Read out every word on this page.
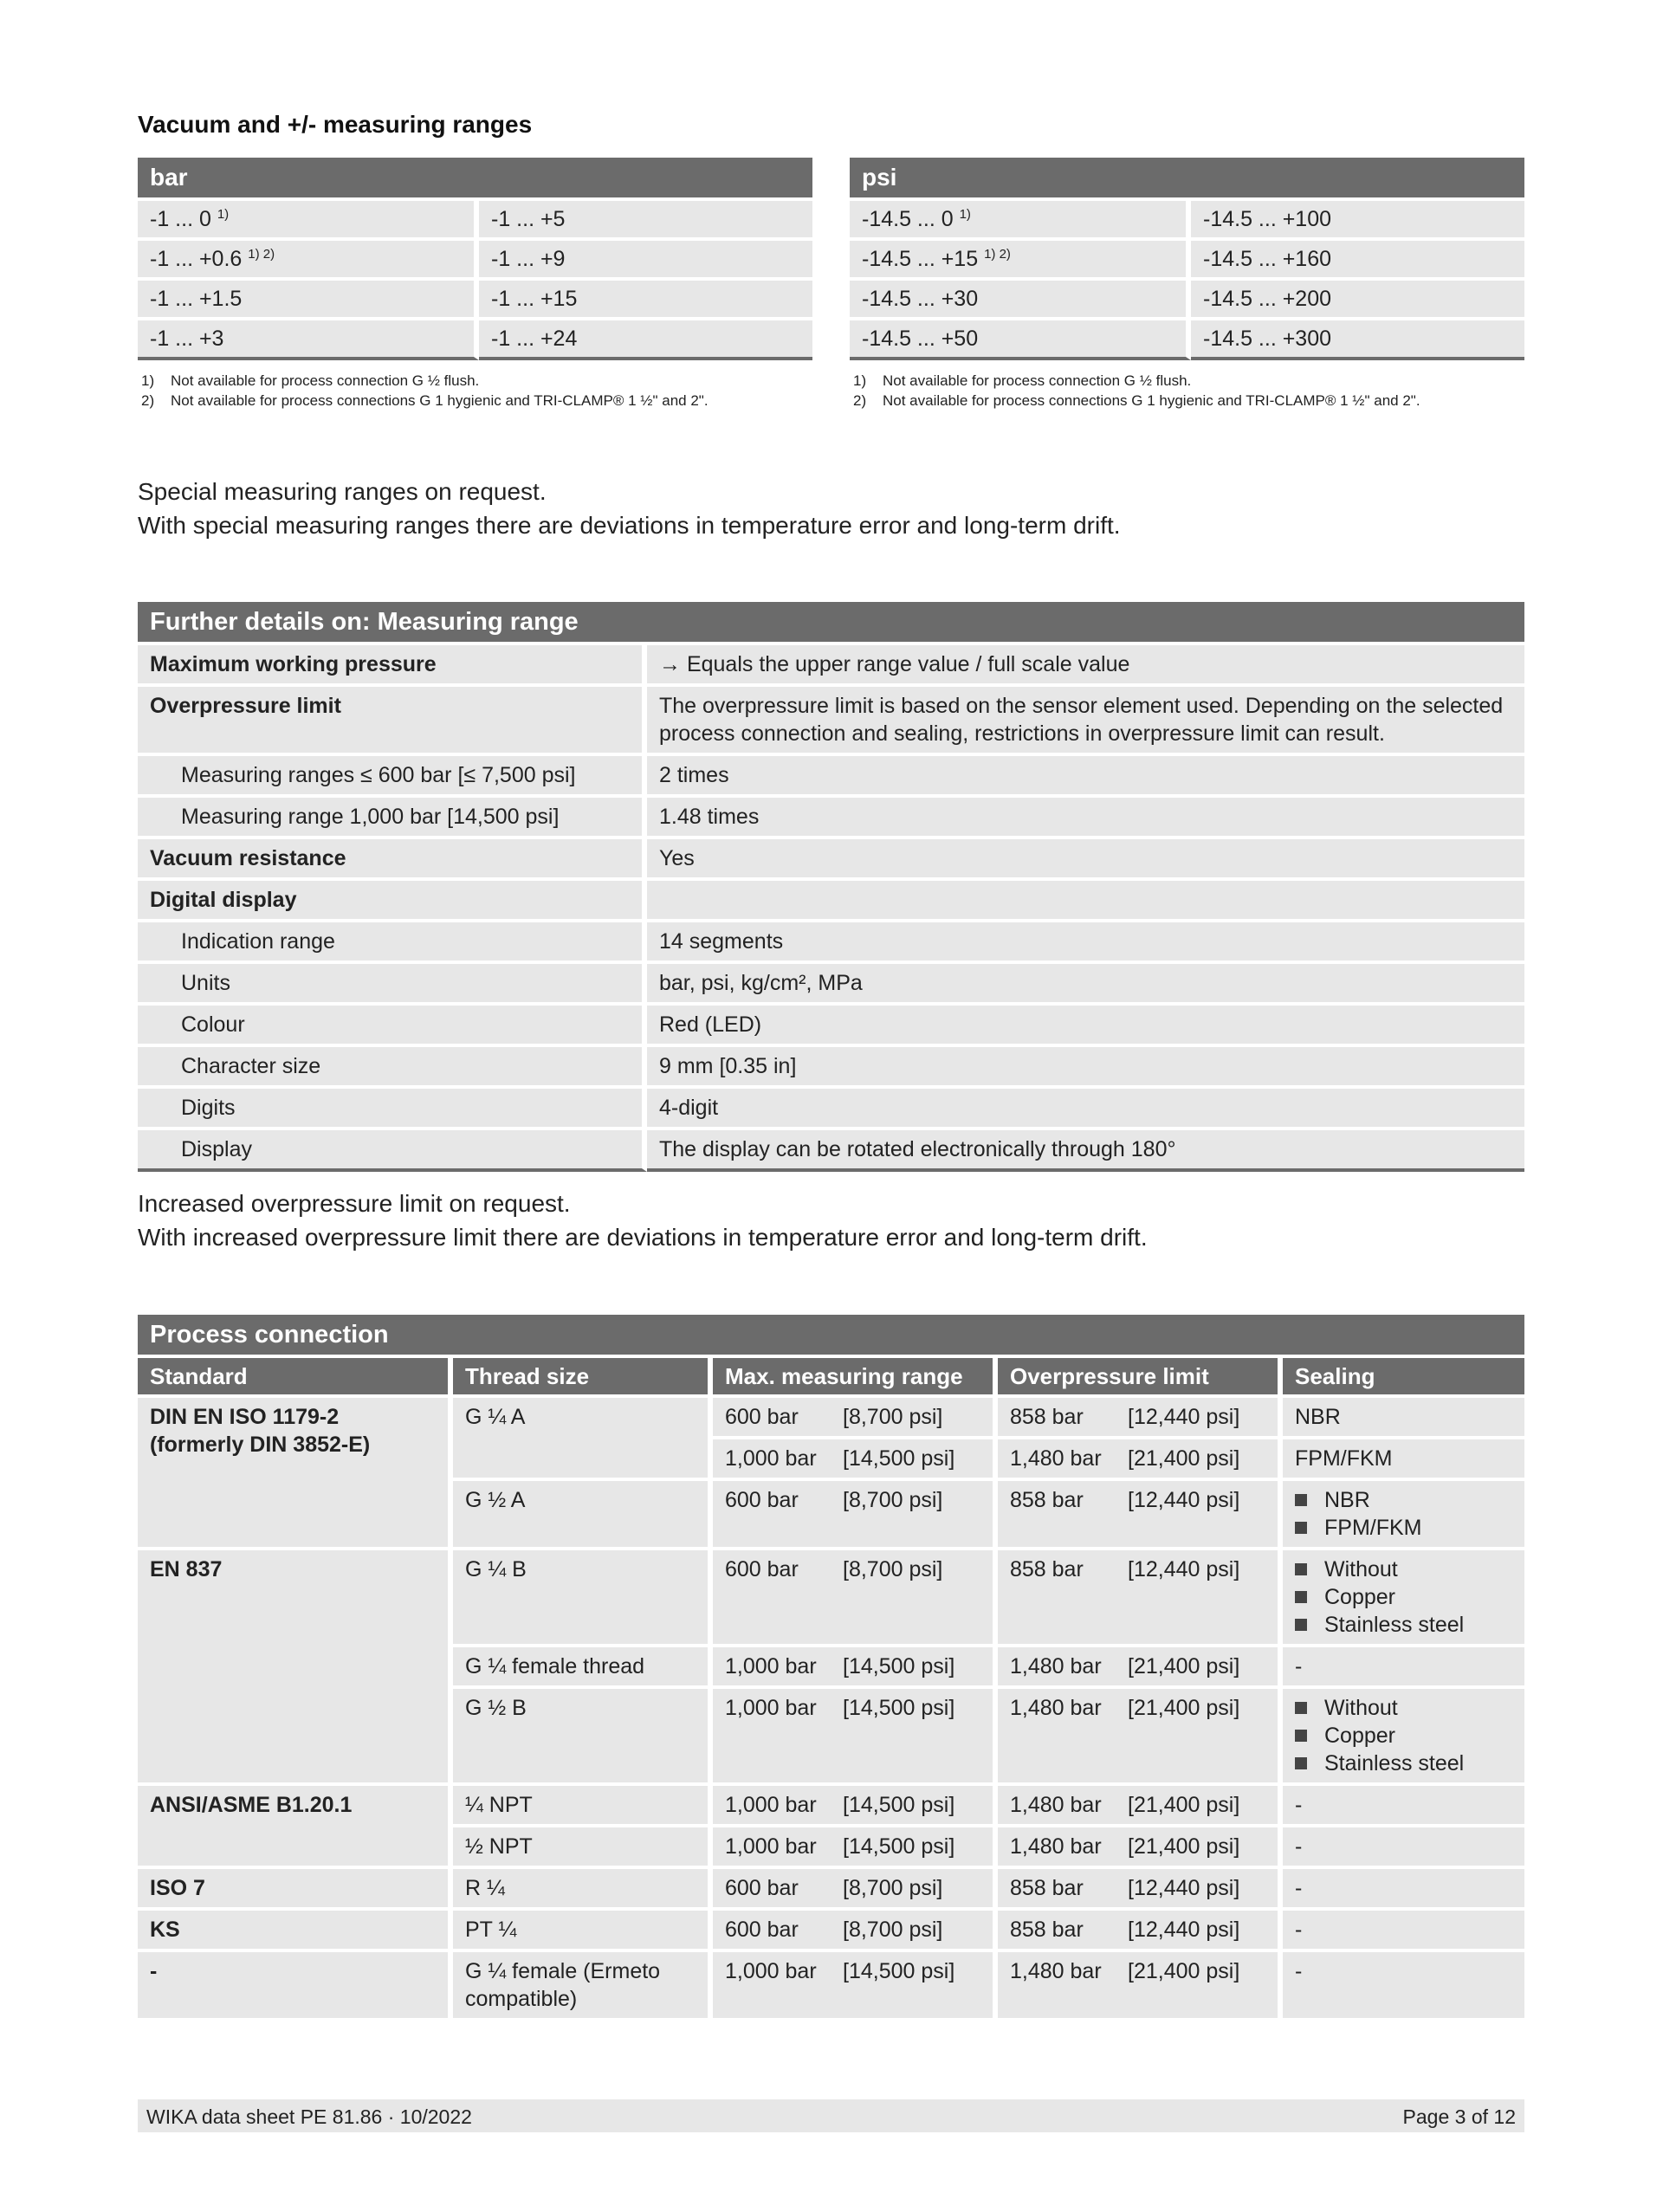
Vacuum and +/- measuring ranges
bar	
-1 ... 0 $^{1)}$	-1 ... +5
-1 ... +0.6 $^{1) 2)}$	-1 ... +9
-1 ... +1.5	-1 ... +15
-1 ... +3	-1 ... +24
1) Not available for process connection G ½ flush.
2) Not available for process connections G 1 hygienic and TRI-CLAMP® 1 ½" and 2".
psi	
-14.5 ... 0 $^{1)}$	-14.5 ... +100
-14.5 ... +15 $^{1) 2)}$	-14.5 ... +160
-14.5 ... +30	-14.5 ... +200
-14.5 ... +50	-14.5 ... +300
1) Not available for process connection G ½ flush.
2) Not available for process connections G 1 hygienic and TRI-CLAMP® 1 ½" and 2".
Special measuring ranges on request.
With special measuring ranges there are deviations in temperature error and long-term drift.
Further details on: Measuring range	
Maximum working pressure	→ Equals the upper range value / full scale value
Overpressure limit	The overpressure limit is based on the sensor element used. Depending on the selected process connection and sealing, restrictions in overpressure limit can result.
Measuring ranges ≤ 600 bar [≤ 7,500 psi]	2 times
Measuring range 1,000 bar [14,500 psi]	1.48 times
Vacuum resistance	Yes
Digital display	
Indication range	14 segments
Units	bar, psi, kg/cm², MPa
Colour	Red (LED)
Character size	9 mm [0.35 in]
Digits	4-digit
Display	The display can be rotated electronically through 180°
Increased overpressure limit on request.
With increased overpressure limit there are deviations in temperature error and long-term drift.
Process connection				
Standard	Thread size	Max. measuring range	Overpressure limit	Sealing
DIN EN ISO 1179-2
(formerly DIN 3852-E)	G ¼ A	600 bar [8,700 psi]	858 bar [12,440 psi]	NBR

		1,000 bar [14,500 psi]	1,480 bar [21,400 psi]	FPM/FKM

	G ½ A	600 bar [8,700 psi]	858 bar [12,440 psi]	NBR
FPM/FKM

EN 837	G ¼ B	600 bar [8,700 psi]	858 bar [12,440 psi]	Without
Copper
Stainless steel

	G ¼ female thread	1,000 bar [14,500 psi]	1,480 bar [21,400 psi]	-

	G ½ B	1,000 bar [14,500 psi]	1,480 bar [21,400 psi]	Without
Copper
Stainless steel

ANSI/ASME B1.20.1	¼ NPT	1,000 bar [14,500 psi]	1,480 bar [21,400 psi]	-

	½ NPT	1,000 bar [14,500 psi]	1,480 bar [21,400 psi]	-

ISO 7	R ¼	600 bar [8,700 psi]	858 bar [12,440 psi]	-

KS	PT ¼	600 bar [8,700 psi]	858 bar [12,440 psi]	-

-	G ¼ female (Ermeto
compatible)	1,000 bar [14,500 psi]	1,480 bar [21,400 psi]	-
WIKA data sheet PE 81.86 · 10/2022	Page 3 of 12
